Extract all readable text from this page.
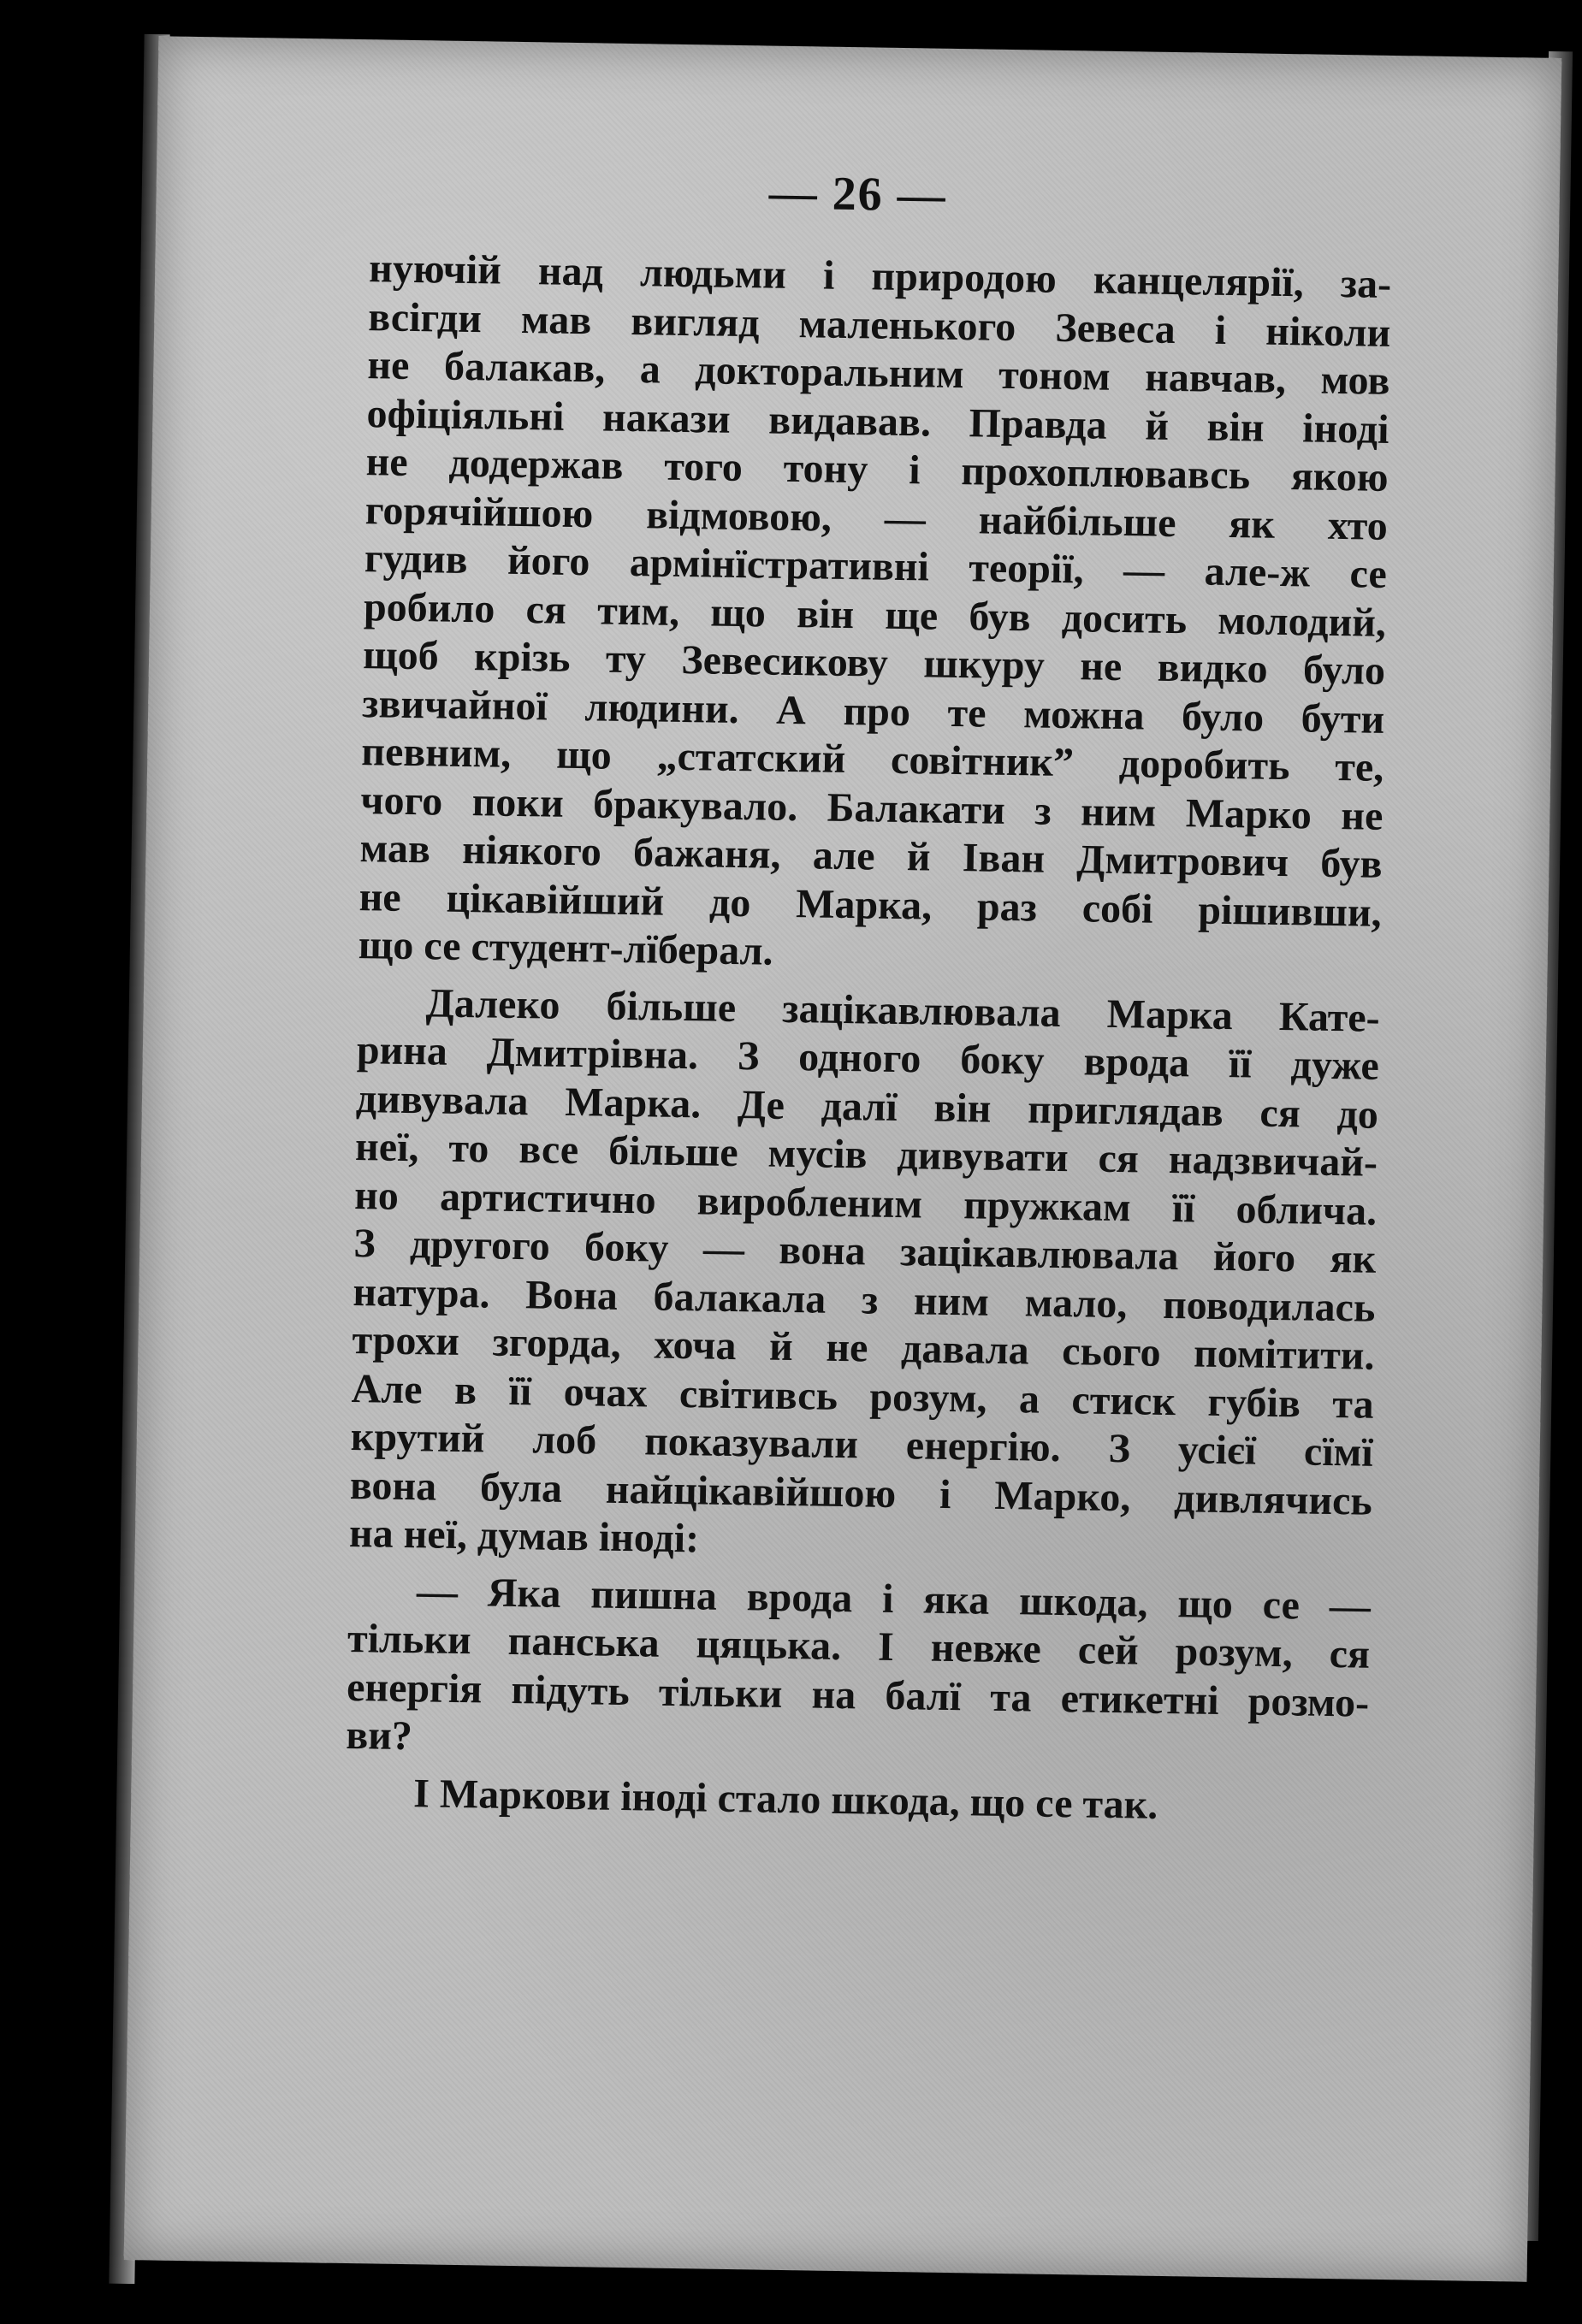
— 26 —
нуючій над людьми і природою канцелярії, за-
всігди мав вигляд маленького Зевеса і ніколи
не балакав, а докторальним тоном навчав, мов
офіціяльні накази видавав. Правда й він іноді
не додержав того тону і прохоплювавсь якою
горячійшою відмовою, — найбільше як хто
гудив його армінїстративні теорії, — але-ж се
робило ся тим, що він ще був досить молодий,
щоб крізь ту Зевесикову шкуру не видко було
звичайної людини. А про те можна було бути
певним, що „статский совітник” доробить те,
чого поки бракувало. Балакати з ним Марко не
мав ніякого бажаня, але й Іван Дмитрович був
не цікавійший до Марка, раз собі рішивши,
що се студент-лїберал.
Далеко більше зацікавлювала Марка Кате-
рина Дмитрівна. З одного боку врода її дуже
дивувала Марка. Де далї він приглядав ся до
неї, то все більше мусів дивувати ся надзвичай-
но артистично виробленим пружкам її облича.
З другого боку — вона зацікавлювала його як
натура. Вона балакала з ним мало, поводилась
трохи згорда, хоча й не давала сього помітити.
Але в її очах світивсь розум, а стиск губів та
крутий лоб показували енергію. З усієї сїмї
вона була найцікавійшою і Марко, дивлячись
на неї, думав іноді:
— Яка пишна врода і яка шкода, що се —
тільки панська цяцька. І невже сей розум, ся
енергія підуть тільки на балї та етикетні розмо-
ви?
І Маркови іноді стало шкода, що се так.
